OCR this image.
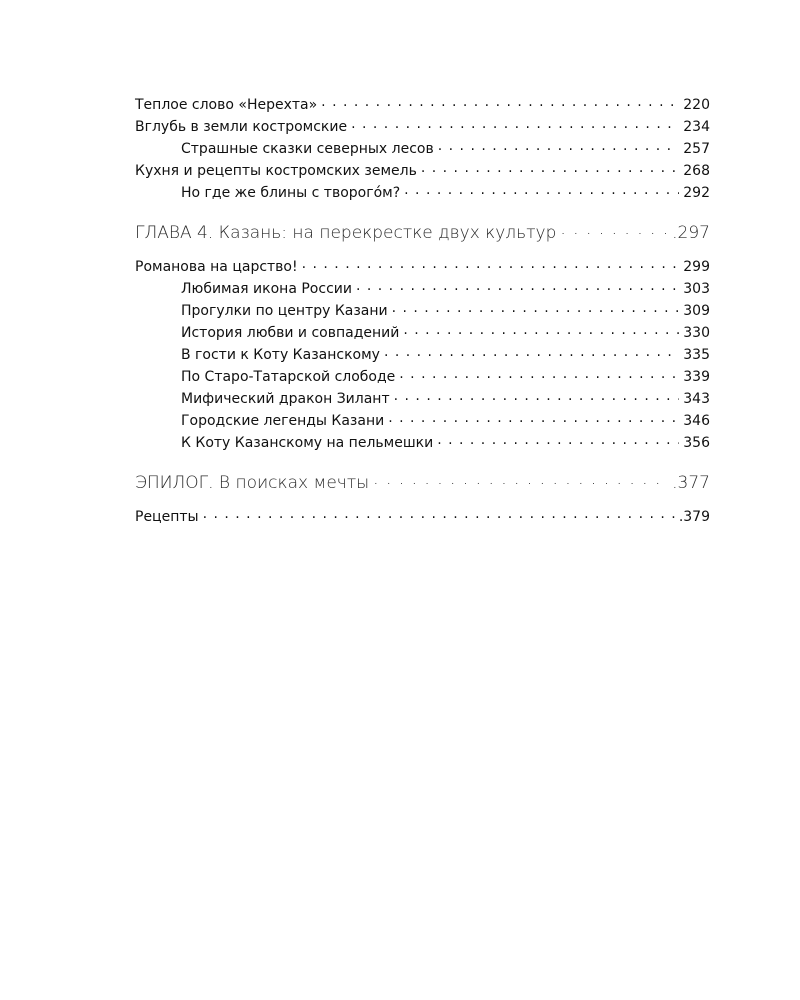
Теплое слово «Нерехта» . . .	220
Вглубь в земли костромские . . .	234
Страшные сказки северных лесов . . .	257
Кухня и рецепты костромских земель . . .	268
Но где же блины с творогóм? . . .	292
ГЛАВА 4. Казань: на перекрестке двух культур . . .	.297
Романова на царство! . . .	299
Любимая икона России . . .	303
Прогулки по центру Казани . . .	309
История любви и совпадений . . .	330
В гости к Коту Казанскому . . .	335
По Старо-Татарской слободе . . .	339
Мифический дракон Зилант . . .	343
Городские легенды Казани . . .	346
К Коту Казанскому на пельмешки . . .	356
ЭПИЛОГ. В поисках мечты . . .	.377
Рецепты . . .	.379
